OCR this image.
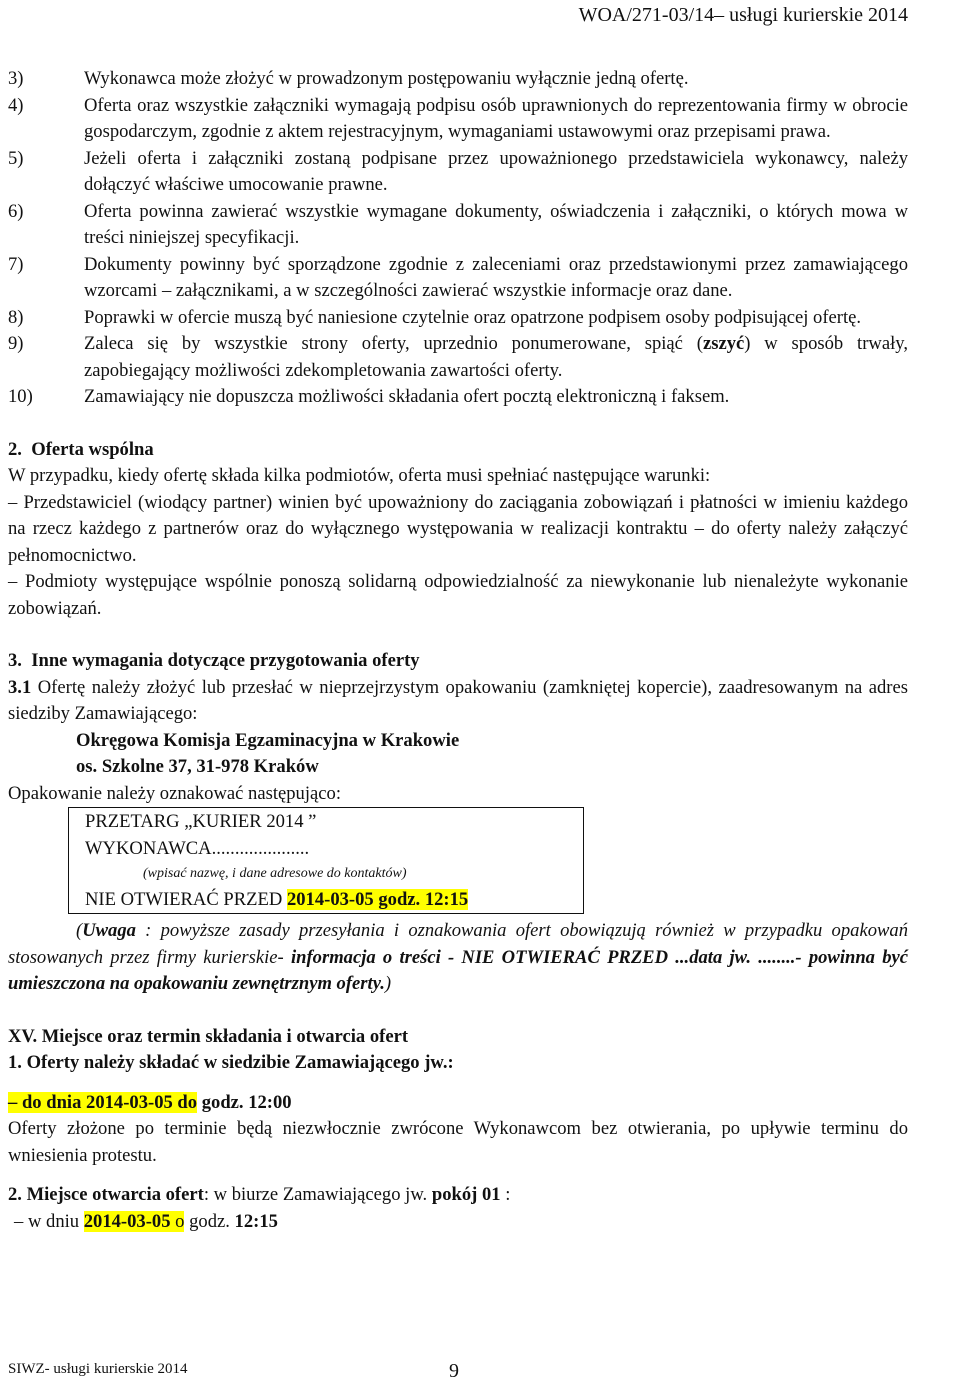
WOA/271-03/14– usługi kurierskie 2014
3)	Wykonawca może złożyć w prowadzonym postępowaniu wyłącznie jedną ofertę.
4)	Oferta oraz wszystkie załączniki wymagają podpisu osób uprawnionych do reprezentowania firmy w obrocie gospodarczym, zgodnie z aktem rejestracyjnym, wymaganiami ustawowymi oraz przepisami prawa.
5)	Jeżeli oferta i załączniki zostaną podpisane przez upoważnionego przedstawiciela wykonawcy, należy dołączyć właściwe umocowanie prawne.
6)	Oferta powinna zawierać wszystkie wymagane dokumenty, oświadczenia i załączniki, o których mowa w treści niniejszej specyfikacji.
7)	Dokumenty powinny być sporządzone zgodnie z zaleceniami oraz przedstawionymi przez zamawiającego wzorcami – załącznikami, a w szczególności zawierać wszystkie informacje oraz dane.
8)	Poprawki w ofercie muszą być naniesione czytelnie oraz opatrzone podpisem osoby podpisującej ofertę.
9)	Zaleca się by wszystkie strony oferty, uprzednio ponumerowane, spiąć (zszyć) w sposób trwały, zapobiegający możliwości zdekompletowania zawartości oferty.
10)	Zamawiający nie dopuszcza możliwości składania ofert pocztą elektroniczną i faksem.

2. Oferta wspólna

W przypadku, kiedy ofertę składa kilka podmiotów, oferta musi spełniać następujące warunki:

– Przedstawiciel (wiodący partner) winien być upoważniony do zaciągania zobowiązań i płatności w imieniu każdego na rzecz każdego z partnerów oraz do wyłącznego występowania w realizacji kontraktu – do oferty należy załączyć pełnomocnictwo.

– Podmioty występujące wspólnie ponoszą solidarną odpowiedzialność za niewykonanie lub nienależyte wykonanie zobowiązań.

3. Inne wymagania dotyczące przygotowania oferty

3.1 Ofertę należy złożyć lub przesłać w nieprzejrzystym opakowaniu (zamkniętej kopercie), zaadresowanym na adres siedziby Zamawiającego:

Okręgowa Komisja Egzaminacyjna w Krakowie

os. Szkolne 37, 31-978 Kraków

Opakowanie należy oznakować następująco:

PRZETARG „KURIER 2014 ”
WYKONAWCA.....................
(wpisać nazwę, i dane adresowe do kontaktów)
NIE OTWIERAĆ PRZED 2014-03-05 godz. 12:15

(Uwaga : powyższe zasady przesyłania i oznakowania ofert obowiązują również w przypadku opakowań stosowanych przez firmy kurierskie- informacja o treści - NIE OTWIERAĆ PRZED ...data jw. ........- powinna być umieszczona na opakowaniu zewnętrznym oferty.)

XV. Miejsce oraz termin składania i otwarcia ofert

1. Oferty należy składać w siedzibie Zamawiającego jw.:

– do dnia 2014-03-05 do godz. 12:00

Oferty złożone po terminie będą niezwłocznie zwrócone Wykonawcom bez otwierania, po upływie terminu do wniesienia protestu.

2. Miejsce otwarcia ofert: w biurze Zamawiającego jw. pokój 01 :

– w dniu 2014-03-05 o godz. 12:15

SIWZ- usługi kurierskie 2014	9
